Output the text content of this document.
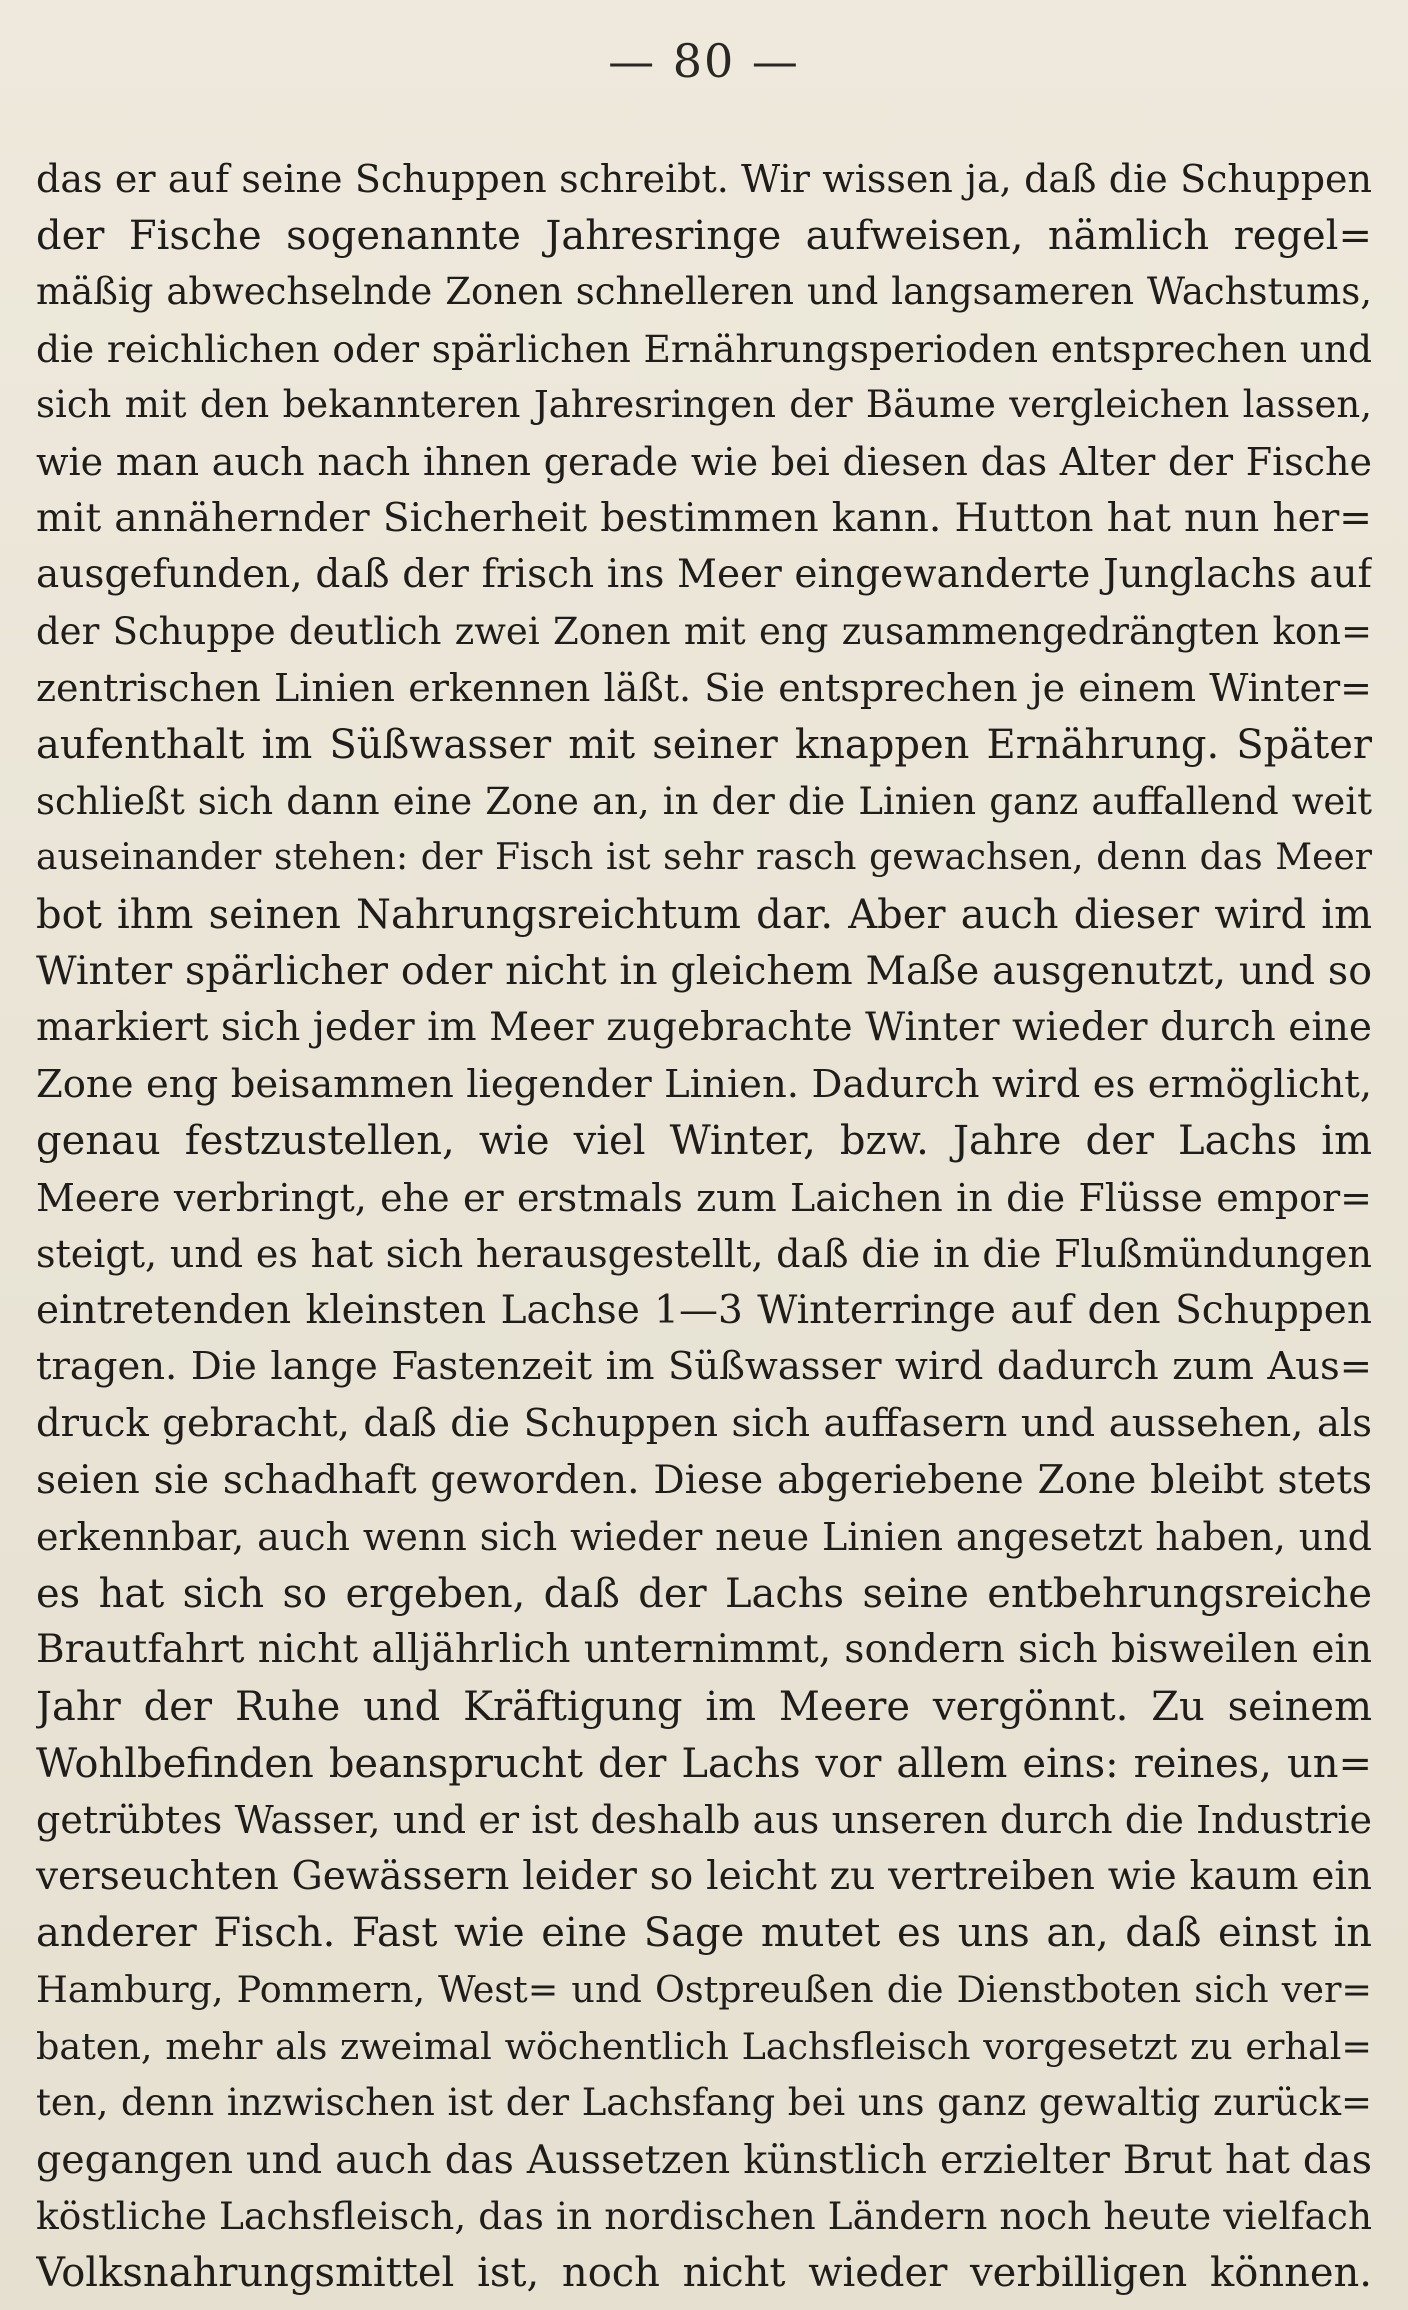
— 80 —
das er auf seine Schuppen schreibt. Wir wissen ja, daß die Schuppen
der Fische sogenannte Jahresringe aufweisen, nämlich regel=
mäßig abwechselnde Zonen schnelleren und langsameren Wachstums,
die reichlichen oder spärlichen Ernährungsperioden entsprechen und
sich mit den bekannteren Jahresringen der Bäume vergleichen lassen,
wie man auch nach ihnen gerade wie bei diesen das Alter der Fische
mit annähernder Sicherheit bestimmen kann. Hutton hat nun her=
ausgefunden, daß der frisch ins Meer eingewanderte Junglachs auf
der Schuppe deutlich zwei Zonen mit eng zusammengedrängten kon=
zentrischen Linien erkennen läßt. Sie entsprechen je einem Winter=
aufenthalt im Süßwasser mit seiner knappen Ernährung. Später
schließt sich dann eine Zone an, in der die Linien ganz auffallend weit
auseinander stehen: der Fisch ist sehr rasch gewachsen, denn das Meer
bot ihm seinen Nahrungsreichtum dar. Aber auch dieser wird im
Winter spärlicher oder nicht in gleichem Maße ausgenutzt, und so
markiert sich jeder im Meer zugebrachte Winter wieder durch eine
Zone eng beisammen liegender Linien. Dadurch wird es ermöglicht,
genau festzustellen, wie viel Winter, bzw. Jahre der Lachs im
Meere verbringt, ehe er erstmals zum Laichen in die Flüsse empor=
steigt, und es hat sich herausgestellt, daß die in die Flußmündungen
eintretenden kleinsten Lachse 1—3 Winterringe auf den Schuppen
tragen. Die lange Fastenzeit im Süßwasser wird dadurch zum Aus=
druck gebracht, daß die Schuppen sich auffasern und aussehen, als
seien sie schadhaft geworden. Diese abgeriebene Zone bleibt stets
erkennbar, auch wenn sich wieder neue Linien angesetzt haben, und
es hat sich so ergeben, daß der Lachs seine entbehrungsreiche
Brautfahrt nicht alljährlich unternimmt, sondern sich bisweilen ein
Jahr der Ruhe und Kräftigung im Meere vergönnt. Zu seinem
Wohlbefinden beansprucht der Lachs vor allem eins: reines, un=
getrübtes Wasser, und er ist deshalb aus unseren durch die Industrie
verseuchten Gewässern leider so leicht zu vertreiben wie kaum ein
anderer Fisch. Fast wie eine Sage mutet es uns an, daß einst in
Hamburg, Pommern, West= und Ostpreußen die Dienstboten sich ver=
baten, mehr als zweimal wöchentlich Lachsfleisch vorgesetzt zu erhal=
ten, denn inzwischen ist der Lachsfang bei uns ganz gewaltig zurück=
gegangen und auch das Aussetzen künstlich erzielter Brut hat das
köstliche Lachsfleisch, das in nordischen Ländern noch heute vielfach
Volksnahrungsmittel ist, noch nicht wieder verbilligen können.
